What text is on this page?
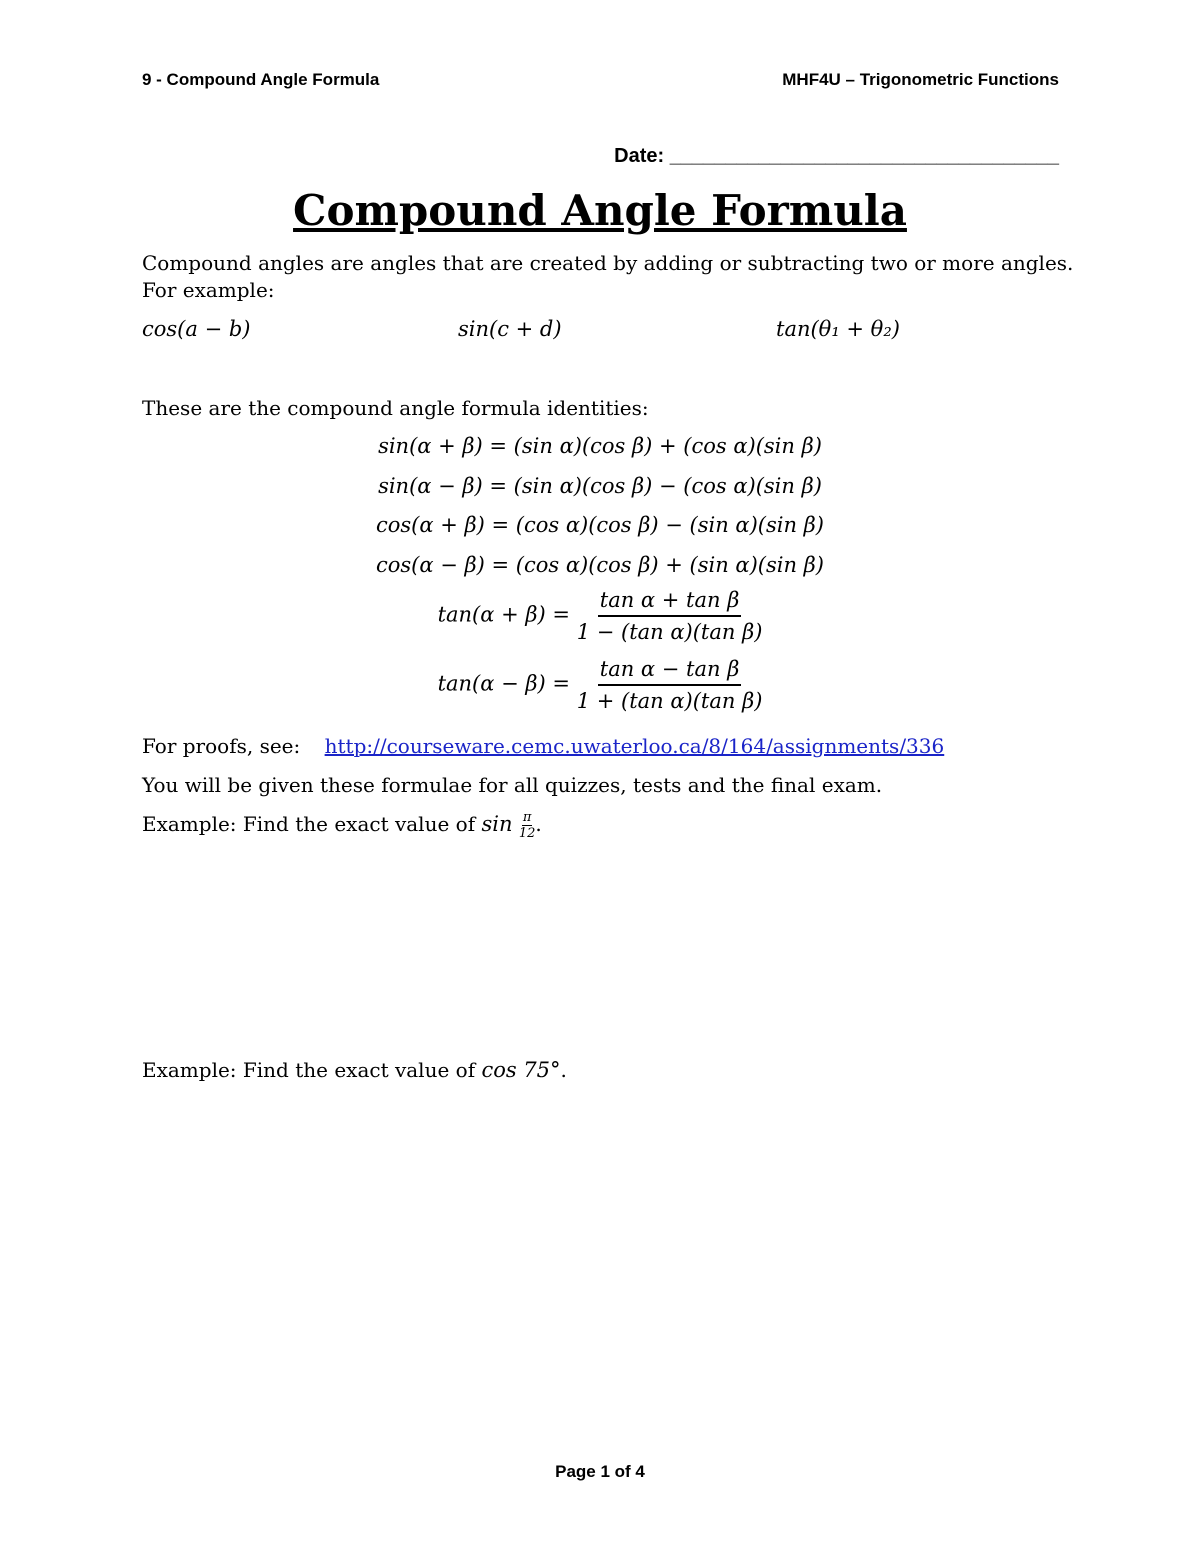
9 - Compound Angle Formula	MHF4U – Trigonometric Functions
Date: ___________________________________
Compound Angle Formula
Compound angles are angles that are created by adding or subtracting two or more angles.
For example:
cos(a − b)	sin(c + d)	tan(θ₁ + θ₂)
These are the compound angle formula identities:
sin(α + β) = (sin α)(cos β) + (cos α)(sin β)
sin(α − β) = (sin α)(cos β) − (cos α)(sin β)
cos(α + β) = (cos α)(cos β) − (sin α)(sin β)
cos(α − β) = (cos α)(cos β) + (sin α)(sin β)
$\tan(\alpha + \beta) = \frac{\text{tan α + tan β}}{\text{1 − (tan α)(tan β)}}$
$\tan(\alpha - \beta) = \frac{\text{tan α − tan β}}{\text{1 + (tan α)(tan β)}}$
For proofs, see: http://courseware.cemc.uwaterloo.ca/8/164/assignments/336
You will be given these formulae for all quizzes, tests and the final exam.
Example: Find the exact value of $\sin \frac{\pi}{12}$ .
Example: Find the exact value of cos 75°.
Page 1 of 4
